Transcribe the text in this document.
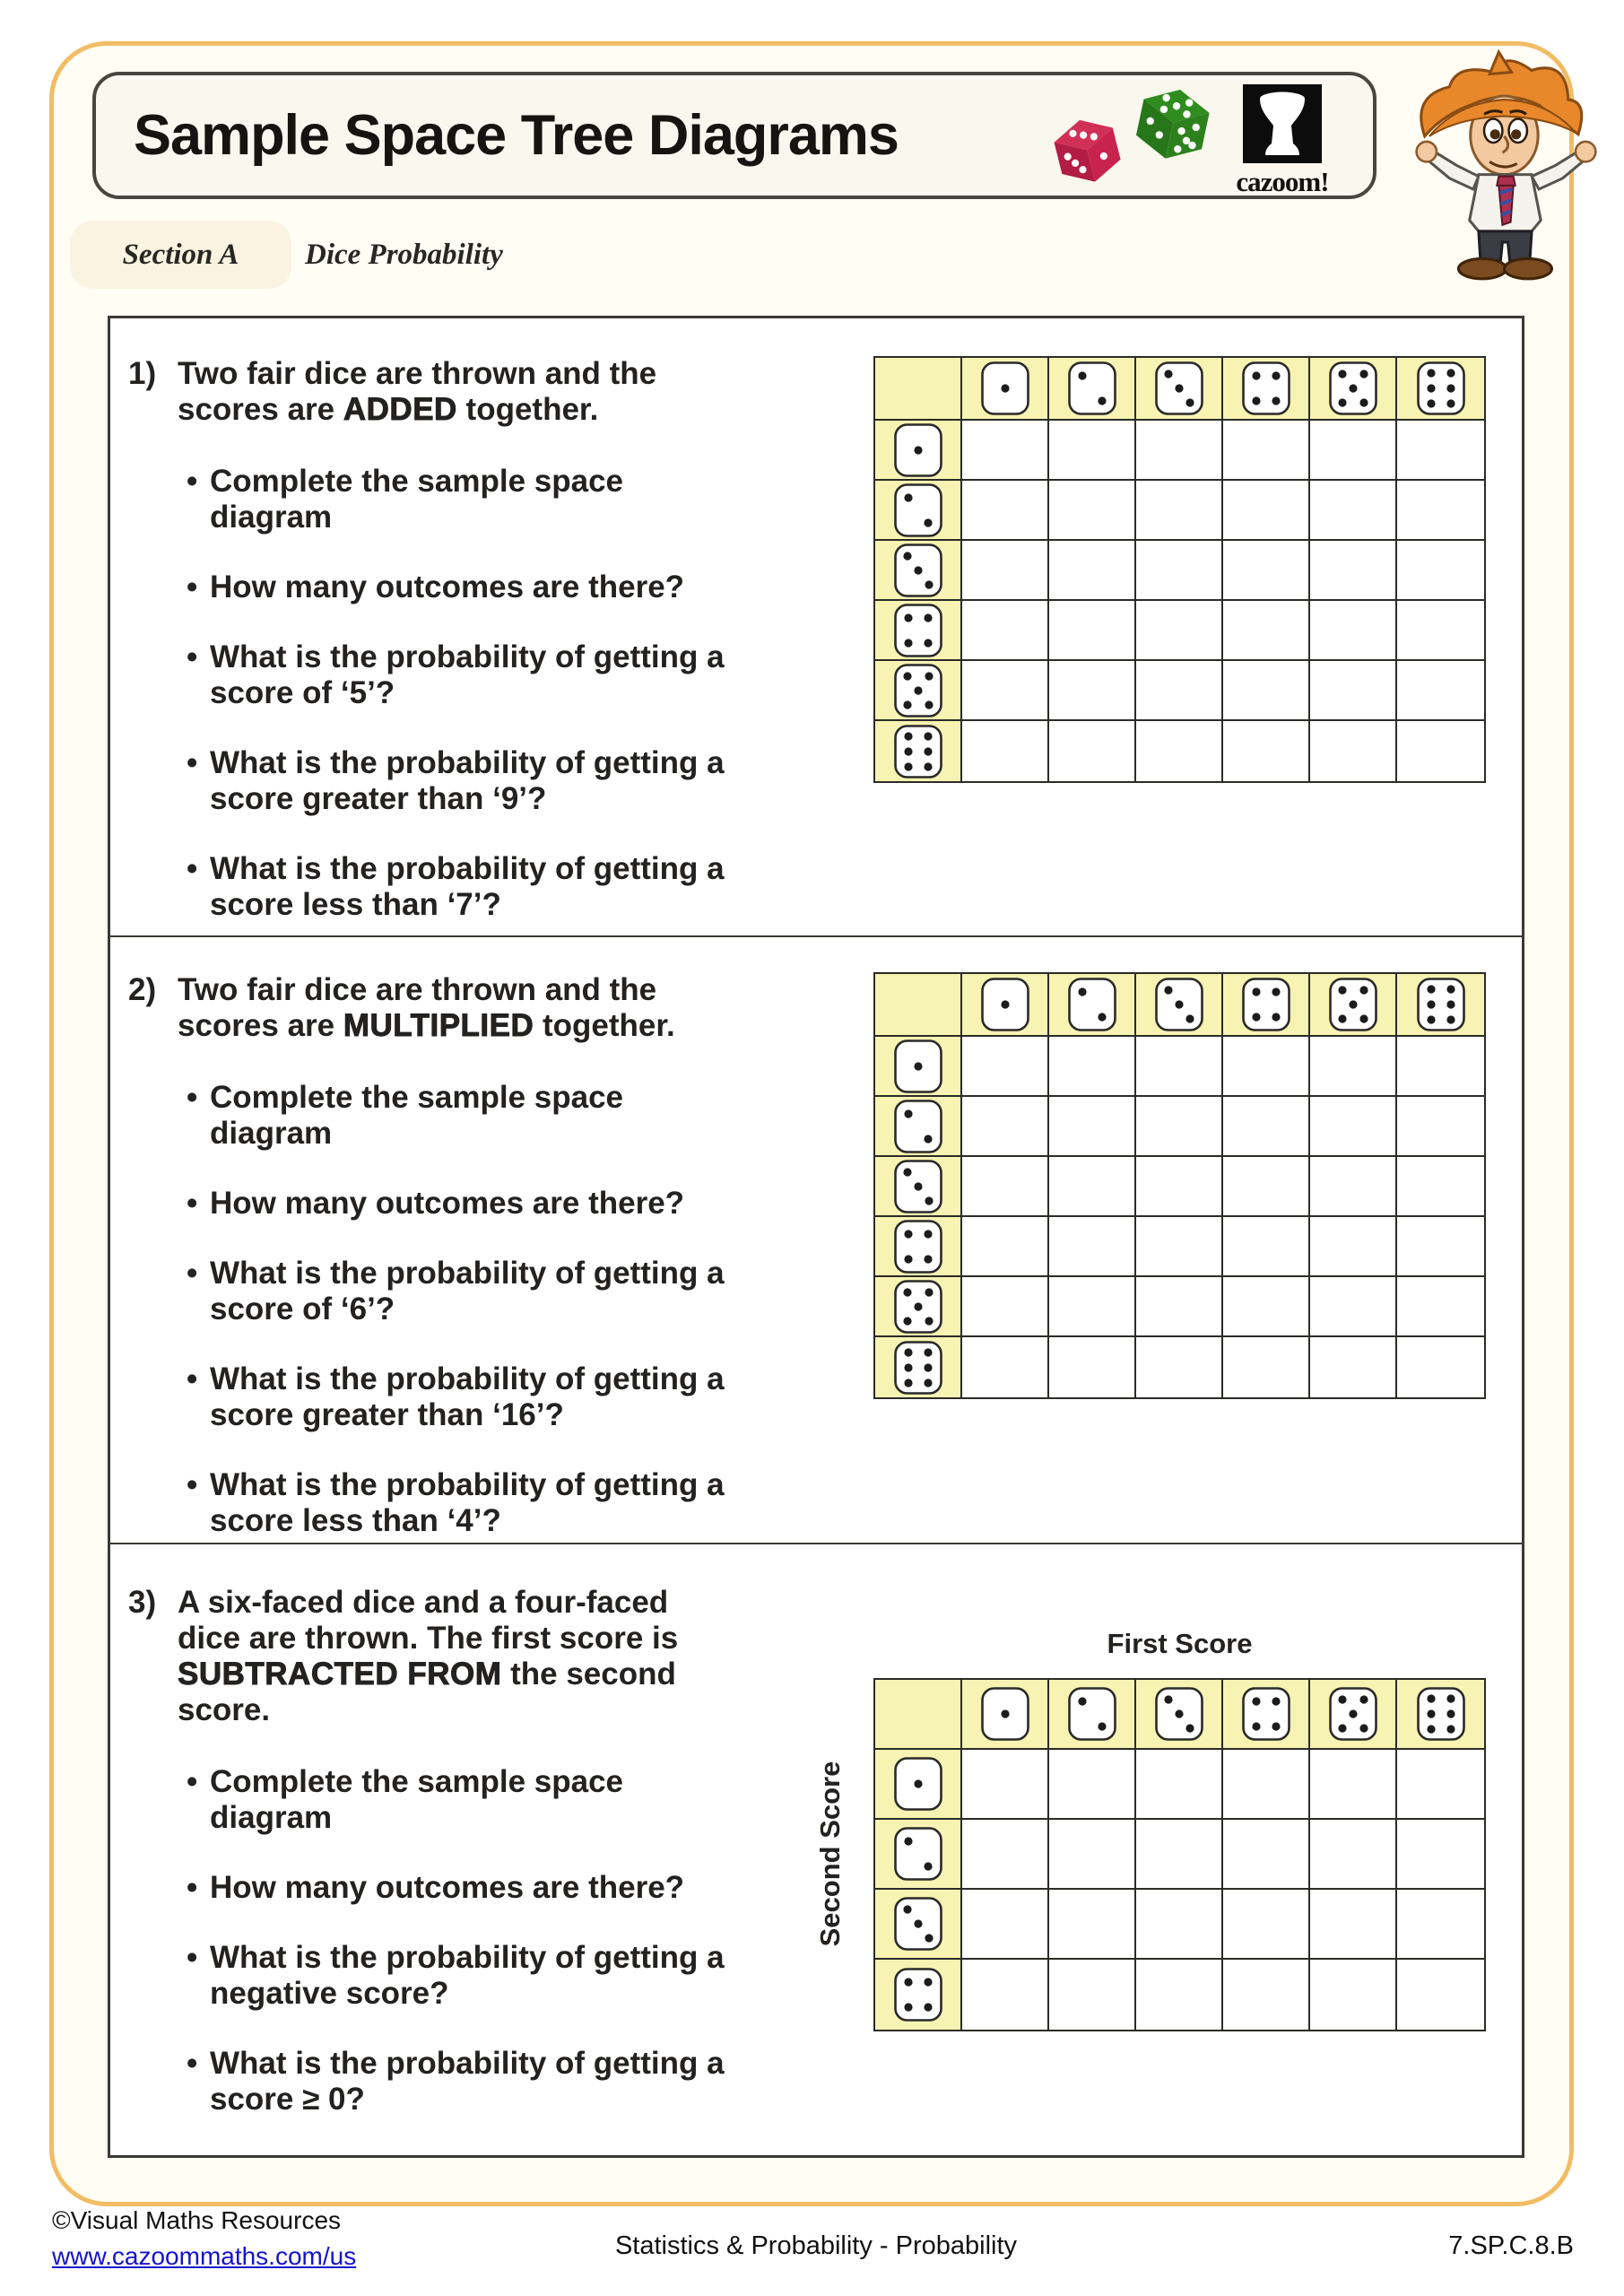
Sample Space Tree Diagrams
cazoom!
Section A	Dice Probability
1) Two fair dice are thrown and the scores are ADDED together.

• Complete the sample space diagram
• How many outcomes are there?
• What is the probability of getting a score of ‘5’?
• What is the probability of getting a score greater than ‘9’?
• What is the probability of getting a score less than ‘7’?
2) Two fair dice are thrown and the scores are MULTIPLIED together.

• Complete the sample space diagram
• How many outcomes are there?
• What is the probability of getting a score of ‘6’?
• What is the probability of getting a score greater than ‘16’?
• What is the probability of getting a score less than ‘4’?
3) A six-faced dice and a four-faced dice are thrown. The first score is SUBTRACTED FROM the second score.

• Complete the sample space diagram
• How many outcomes are there?
• What is the probability of getting a negative score?
• What is the probability of getting a score ≥ 0?
First Score
Second Score
©Visual Maths Resources
www.cazoommaths.com/us	Statistics & Probability - Probability	7.SP.C.8.B
